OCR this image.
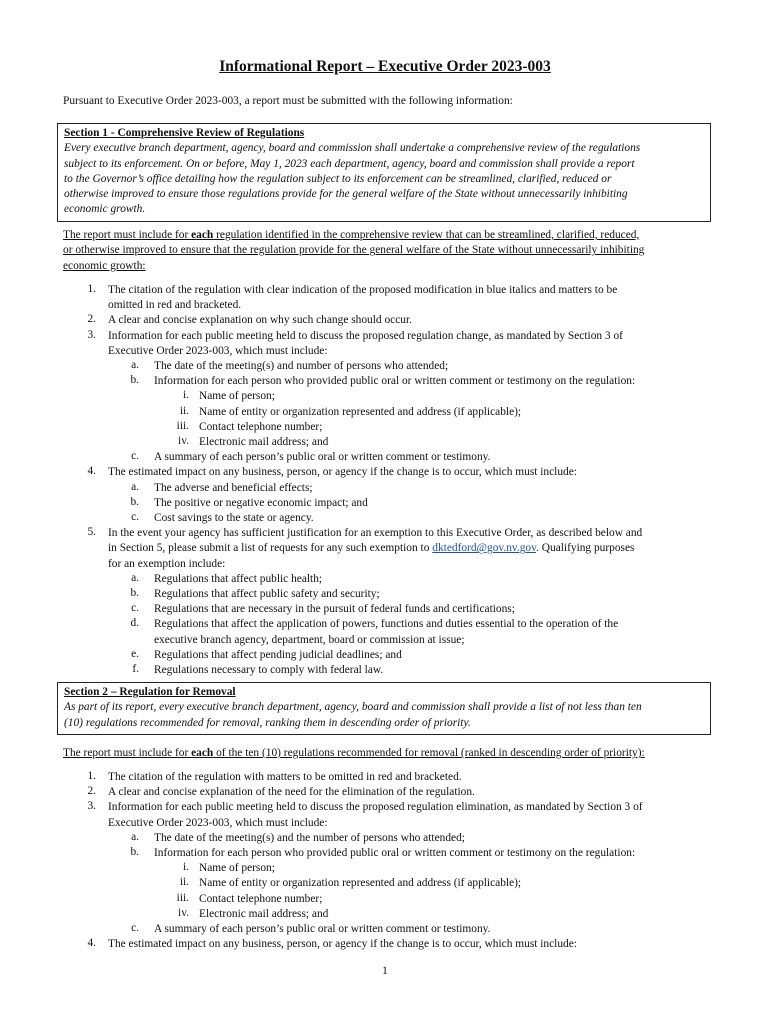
Informational Report – Executive Order 2023-003
Pursuant to Executive Order 2023-003, a report must be submitted with the following information:
Section 1 - Comprehensive Review of Regulations
Every executive branch department, agency, board and commission shall undertake a comprehensive review of the regulations
subject to its enforcement. On or before, May 1, 2023 each department, agency, board and commission shall provide a report
to the Governor’s office detailing how the regulation subject to its enforcement can be streamlined, clarified, reduced or
otherwise improved to ensure those regulations provide for the general welfare of the State without unnecessarily inhibiting
economic growth.
The report must include for each regulation identified in the comprehensive review that can be streamlined, clarified, reduced,
or otherwise improved to ensure that the regulation provide for the general welfare of the State without unnecessarily inhibiting
economic growth:
1. The citation of the regulation with clear indication of the proposed modification in blue italics and matters to be
omitted in red and bracketed.
2. A clear and concise explanation on why such change should occur.
3. Information for each public meeting held to discuss the proposed regulation change, as mandated by Section 3 of
Executive Order 2023-003, which must include:
a. The date of the meeting(s) and number of persons who attended;
b. Information for each person who provided public oral or written comment or testimony on the regulation:
i. Name of person;
ii. Name of entity or organization represented and address (if applicable);
iii. Contact telephone number;
iv. Electronic mail address; and
c. A summary of each person’s public oral or written comment or testimony.
4. The estimated impact on any business, person, or agency if the change is to occur, which must include:
a. The adverse and beneficial effects;
b. The positive or negative economic impact; and
c. Cost savings to the state or agency.
5. In the event your agency has sufficient justification for an exemption to this Executive Order, as described below and
in Section 5, please submit a list of requests for any such exemption to dktedford@gov.nv.gov. Qualifying purposes
for an exemption include:
a. Regulations that affect public health;
b. Regulations that affect public safety and security;
c. Regulations that are necessary in the pursuit of federal funds and certifications;
d. Regulations that affect the application of powers, functions and duties essential to the operation of the
executive branch agency, department, board or commission at issue;
e. Regulations that affect pending judicial deadlines; and
f. Regulations necessary to comply with federal law.
Section 2 – Regulation for Removal
As part of its report, every executive branch department, agency, board and commission shall provide a list of not less than ten
(10) regulations recommended for removal, ranking them in descending order of priority.
The report must include for each of the ten (10) regulations recommended for removal (ranked in descending order of priority):
1. The citation of the regulation with matters to be omitted in red and bracketed.
2. A clear and concise explanation of the need for the elimination of the regulation.
3. Information for each public meeting held to discuss the proposed regulation elimination, as mandated by Section 3 of
Executive Order 2023-003, which must include:
a. The date of the meeting(s) and the number of persons who attended;
b. Information for each person who provided public oral or written comment or testimony on the regulation:
i. Name of person;
ii. Name of entity or organization represented and address (if applicable);
iii. Contact telephone number;
iv. Electronic mail address; and
c. A summary of each person’s public oral or written comment or testimony.
4. The estimated impact on any business, person, or agency if the change is to occur, which must include:
1
